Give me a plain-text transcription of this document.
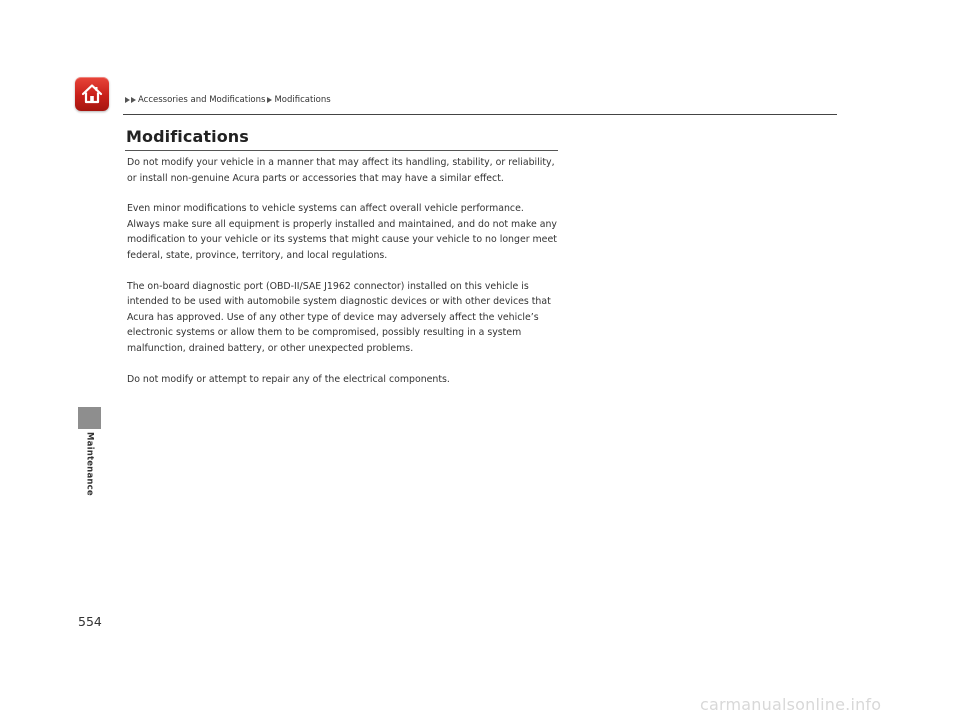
Accessories and Modifications Modifications
Maintenance
Modifications

Do not modify your vehicle in a manner that may affect its handling, stability, or reliability, or install non-genuine Acura parts or accessories that may have a similar effect.

Even minor modifications to vehicle systems can affect overall vehicle performance. Always make sure all equipment is properly installed and maintained, and do not make any modification to your vehicle or its systems that might cause your vehicle to no longer meet federal, state, province, territory, and local regulations.

The on-board diagnostic port (OBD-II/SAE J1962 connector) installed on this vehicle is intended to be used with automobile system diagnostic devices or with other devices that Acura has approved. Use of any other type of device may adversely affect the vehicle’s electronic systems or allow them to be compromised, possibly resulting in a system malfunction, drained battery, or other unexpected problems.

Do not modify or attempt to repair any of the electrical components.

554
carmanualsonline.info
